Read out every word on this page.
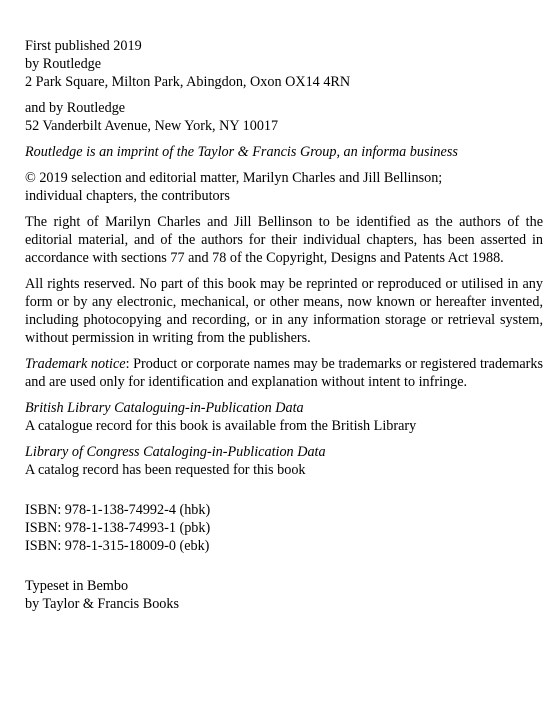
First published 2019
by Routledge
2 Park Square, Milton Park, Abingdon, Oxon OX14 4RN
and by Routledge
52 Vanderbilt Avenue, New York, NY 10017
Routledge is an imprint of the Taylor & Francis Group, an informa business
© 2019 selection and editorial matter, Marilyn Charles and Jill Bellinson;
individual chapters, the contributors
The right of Marilyn Charles and Jill Bellinson to be identified as the authors of the editorial material, and of the authors for their individual chapters, has been asserted in accordance with sections 77 and 78 of the Copyright, Designs and Patents Act 1988.
All rights reserved. No part of this book may be reprinted or reproduced or utilised in any form or by any electronic, mechanical, or other means, now known or hereafter invented, including photocopying and recording, or in any information storage or retrieval system, without permission in writing from the publishers.
Trademark notice: Product or corporate names may be trademarks or registered trademarks and are used only for identification and explanation without intent to infringe.
British Library Cataloguing-in-Publication Data
A catalogue record for this book is available from the British Library
Library of Congress Cataloging-in-Publication Data
A catalog record has been requested for this book
ISBN: 978-1-138-74992-4 (hbk)
ISBN: 978-1-138-74993-1 (pbk)
ISBN: 978-1-315-18009-0 (ebk)
Typeset in Bembo
by Taylor & Francis Books
